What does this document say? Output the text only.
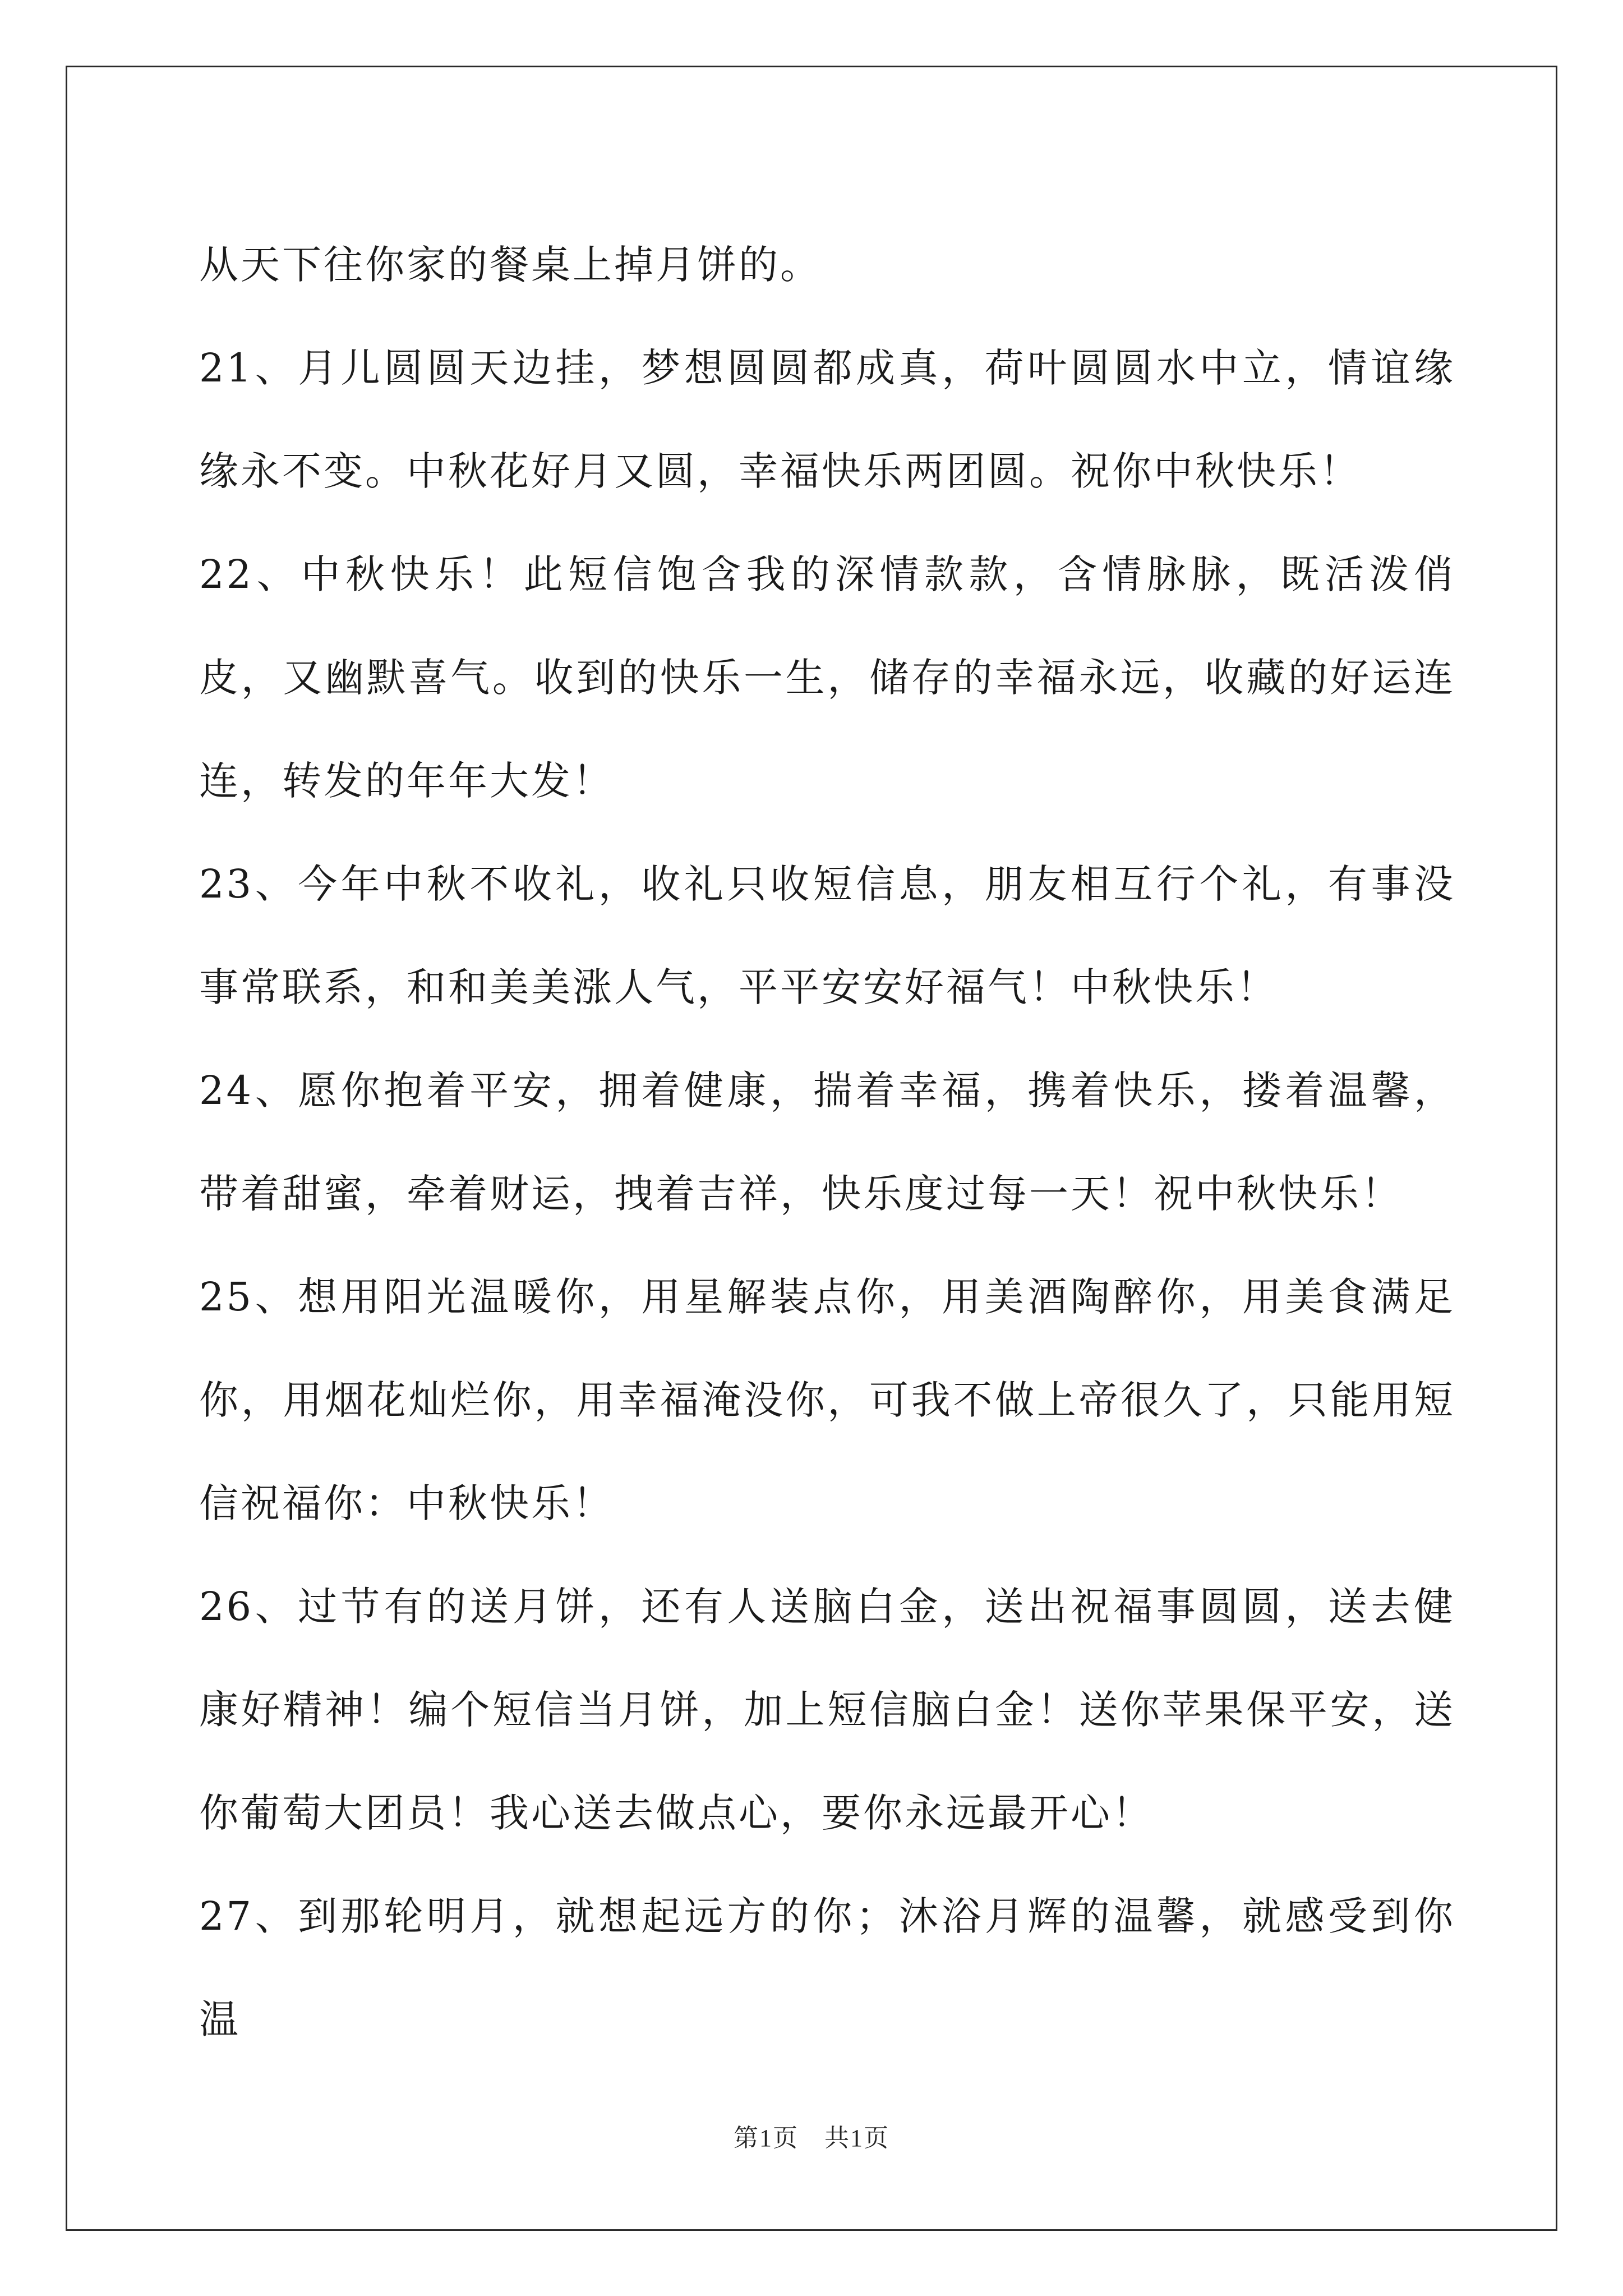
从天下往你家的餐桌上掉月饼的。

21、月儿圆圆天边挂，梦想圆圆都成真，荷叶圆圆水中立，情谊缘缘永不变。中秋花好月又圆，幸福快乐两团圆。祝你中秋快乐！

22、中秋快乐！此短信饱含我的深情款款，含情脉脉，既活泼俏皮，又幽默喜气。收到的快乐一生，储存的幸福永远，收藏的好运连连，转发的年年大发！

23、今年中秋不收礼，收礼只收短信息，朋友相互行个礼，有事没事常联系，和和美美涨人气，平平安安好福气！中秋快乐！

24、愿你抱着平安，拥着健康，揣着幸福，携着快乐，搂着温馨，带着甜蜜，牵着财运，拽着吉祥，快乐度过每一天！祝中秋快乐！

25、想用阳光温暖你，用星解装点你，用美酒陶醉你，用美食满足你，用烟花灿烂你，用幸福淹没你，可我不做上帝很久了，只能用短信祝福你：中秋快乐！

26、过节有的送月饼，还有人送脑白金，送出祝福事圆圆，送去健康好精神！编个短信当月饼，加上短信脑白金！送你苹果保平安，送你葡萄大团员！我心送去做点心，要你永远最开心！

27、到那轮明月，就想起远方的你；沐浴月辉的温馨，就感受到你温

第1页　共1页
